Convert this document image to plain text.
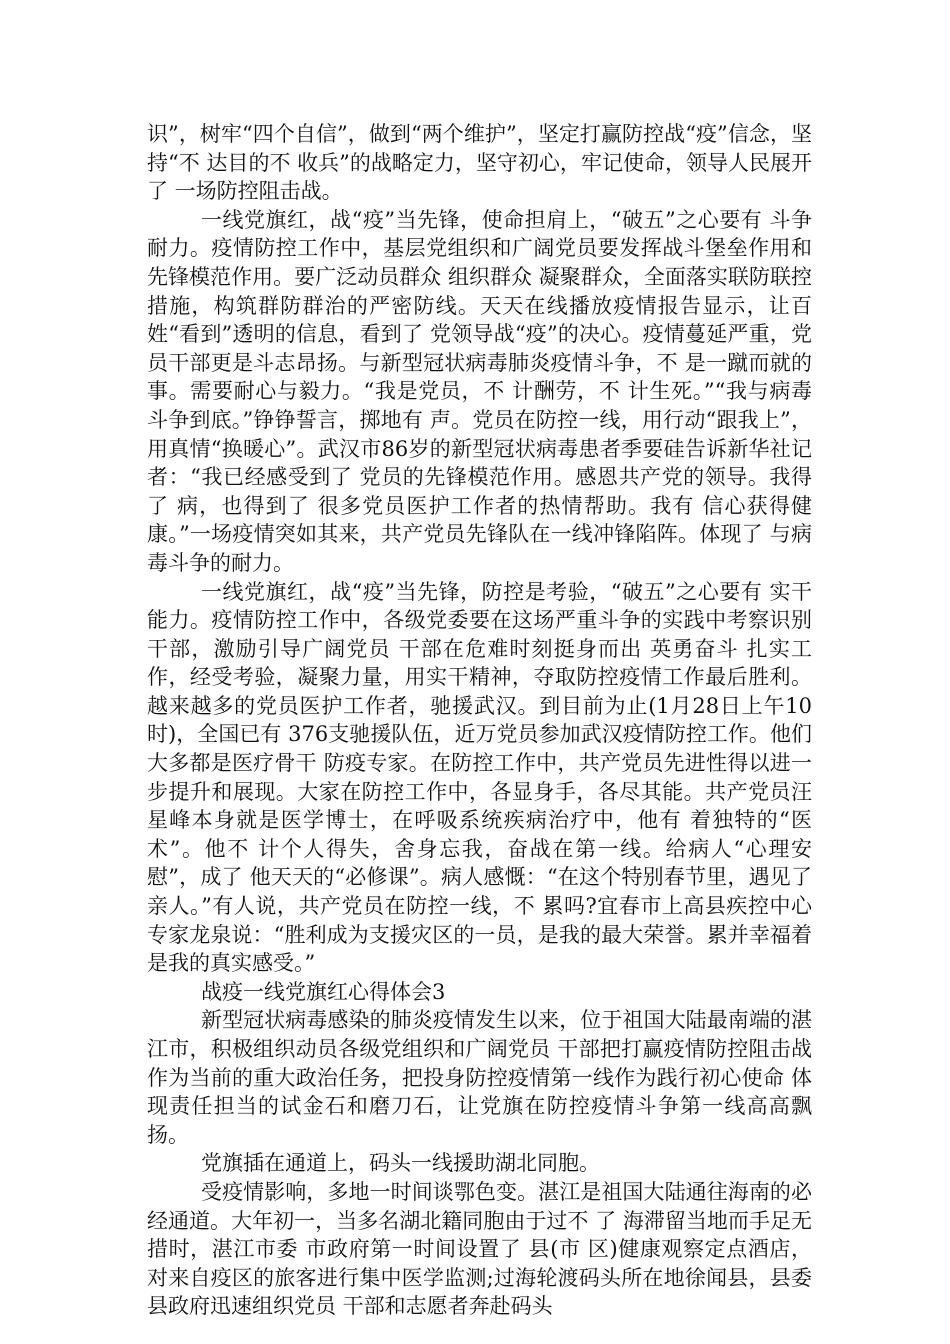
识”，树牢“四个自信”，做到“两个维护”，坚定打赢防控战“疫”信念，坚持“不 达目的不 收兵”的战略定力，坚守初心，牢记使命，领导人民展开了 一场防控阻击战。

一线党旗红，战“疫”当先锋，使命担肩上，“破五”之心要有 斗争耐力。疫情防控工作中，基层党组织和广阔党员要发挥战斗堡垒作用和先锋模范作用。要广泛动员群众 组织群众 凝聚群众，全面落实联防联控措施，构筑群防群治的严密防线。天天在线播放疫情报告显示，让百姓“看到”透明的信息，看到了 党领导战“疫”的决心。疫情蔓延严重，党员干部更是斗志昂扬。与新型冠状病毒肺炎疫情斗争，不 是一蹴而就的事。需要耐心与毅力。“我是党员，不 计酬劳，不 计生死。”“我与病毒斗争到底。”铮铮誓言，掷地有 声。党员在防控一线，用行动“跟我上”，用真情“换暖心”。武汉市86岁的新型冠状病毒患者季要硅告诉新华社记者：“我已经感受到了 党员的先锋模范作用。感恩共产党的领导。我得了 病，也得到了 很多党员医护工作者的热情帮助。我有 信心获得健康。”一场疫情突如其来，共产党员先锋队在一线冲锋陷阵。体现了 与病毒斗争的耐力。

一线党旗红，战“疫”当先锋，防控是考验，“破五”之心要有 实干能力。疫情防控工作中，各级党委要在这场严重斗争的实践中考察识别干部，激励引导广阔党员 干部在危难时刻挺身而出 英勇奋斗 扎实工作，经受考验，凝聚力量，用实干精神，夺取防控疫情工作最后胜利。越来越多的党员医护工作者，驰援武汉。到目前为止(1月28日上午10时)，全国已有 376支驰援队伍，近万党员参加武汉疫情防控工作。他们大多都是医疗骨干 防疫专家。在防控工作中，共产党员先进性得以进一步提升和展现。大家在防控工作中，各显身手，各尽其能。共产党员汪星峰本身就是医学博士，在呼吸系统疾病治疗中，他有 着独特的“医术”。他不 计个人得失，舍身忘我，奋战在第一线。给病人“心理安慰”，成了 他天天的“必修课”。病人感慨：“在这个特别春节里，遇见了 亲人。”有人说，共产党员在防控一线，不 累吗?宜春市上高县疾控中心专家龙泉说：“胜利成为支援灾区的一员，是我的最大荣誉。累并幸福着是我的真实感受。”

战疫一线党旗红心得体会3

新型冠状病毒感染的肺炎疫情发生以来，位于祖国大陆最南端的湛江市，积极组织动员各级党组织和广阔党员 干部把打赢疫情防控阻击战作为当前的重大政治任务，把投身防控疫情第一线作为践行初心使命 体现责任担当的试金石和磨刀石，让党旗在防控疫情斗争第一线高高飘扬。

党旗插在通道上，码头一线援助湖北同胞。

受疫情影响，多地一时间谈鄂色变。湛江是祖国大陆通往海南的必经通道。大年初一，当多名湖北籍同胞由于过不 了 海滞留当地而手足无措时，湛江市委 市政府第一时间设置了 县(市 区)健康观察定点酒店，对来自疫区的旅客进行集中医学监测;过海轮渡码头所在地徐闻县，县委 县政府迅速组织党员 干部和志愿者奔赴码头
